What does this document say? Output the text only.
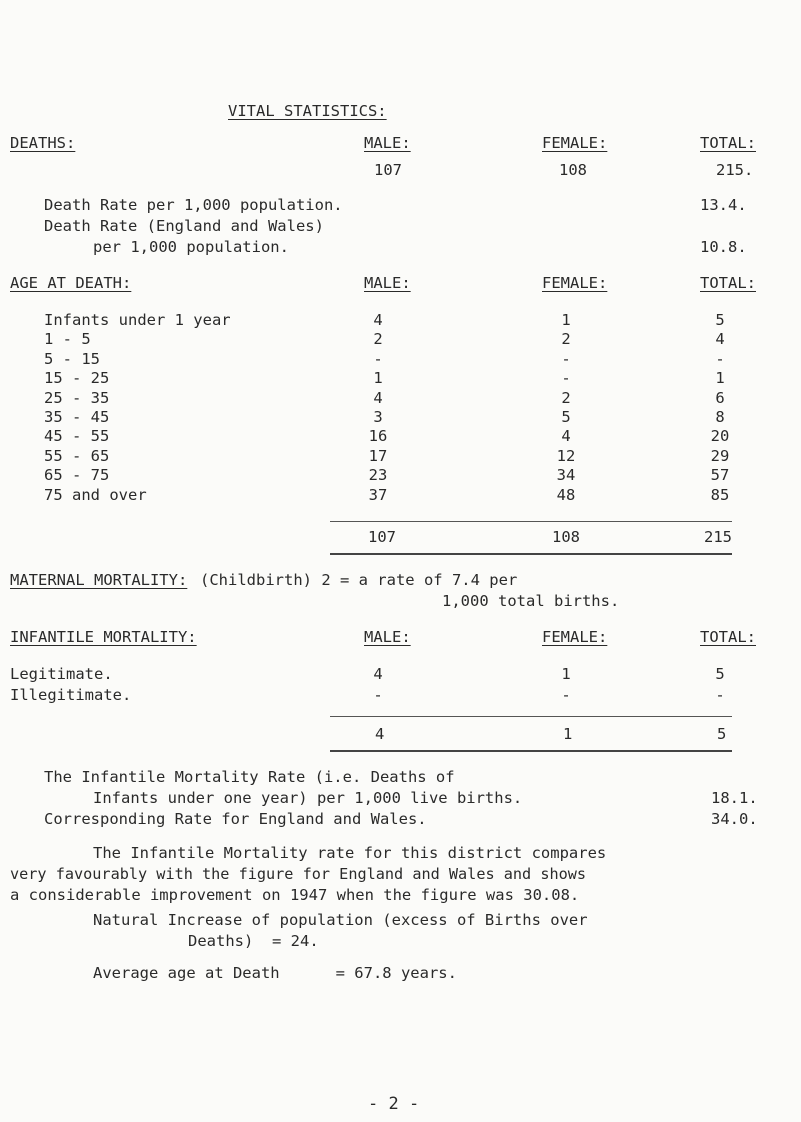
VITAL STATISTICS:
DEATHS:	MALE:	FEMALE:	TOTAL:
107	108	215.
Death Rate per 1,000 population.	13.4.
Death Rate (England and Wales)
per 1,000 population.	10.8.
AGE AT DEATH:	MALE:	FEMALE:	TOTAL:
Infants under 1 year	4	1	5
1 - 5	2	2	4
5 - 15	-	-	-
15 - 25	1	-	1
25 - 35	4	2	6
35 - 45	3	5	8
45 - 55	16	4	20
55 - 65	17	12	29
65 - 75	23	34	57
75 and over	37	48	85
107	108	215
MATERNAL MORTALITY: (Childbirth) 2 = a rate of 7.4 per
1,000 total births.
INFANTILE MORTALITY:	MALE:	FEMALE:	TOTAL:
Legitimate.	4	1	5
Illegitimate.	-	-	-
4	1	5
The Infantile Mortality Rate (i.e. Deaths of
Infants under one year) per 1,000 live births.	18.1.
Corresponding Rate for England and Wales.	34.0.
The Infantile Mortality rate for this district compares
very favourably with the figure for England and Wales and shows
a considerable improvement on 1947 when the figure was 30.08.
Natural Increase of population (excess of Births over
Deaths)  = 24.
Average age at Death      = 67.8 years.
- 2 -
